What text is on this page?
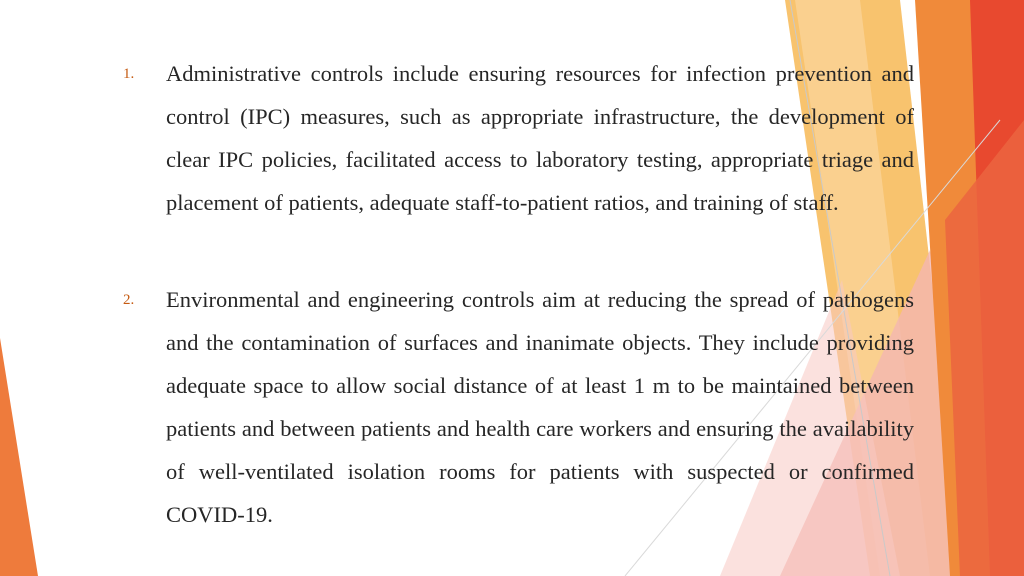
1. Administrative controls include ensuring resources for infection prevention and control (IPC) measures, such as appropriate infrastructure, the development of clear IPC policies, facilitated access to laboratory testing, appropriate triage and placement of patients, adequate staff-to-patient ratios, and training of staff.

2. Environmental and engineering controls aim at reducing the spread of pathogens and the contamination of surfaces and inanimate objects. They include providing adequate space to allow social distance of at least 1 m to be maintained between patients and between patients and health care workers and ensuring the availability of well-ventilated isolation rooms for patients with suspected or confirmed COVID-19.
